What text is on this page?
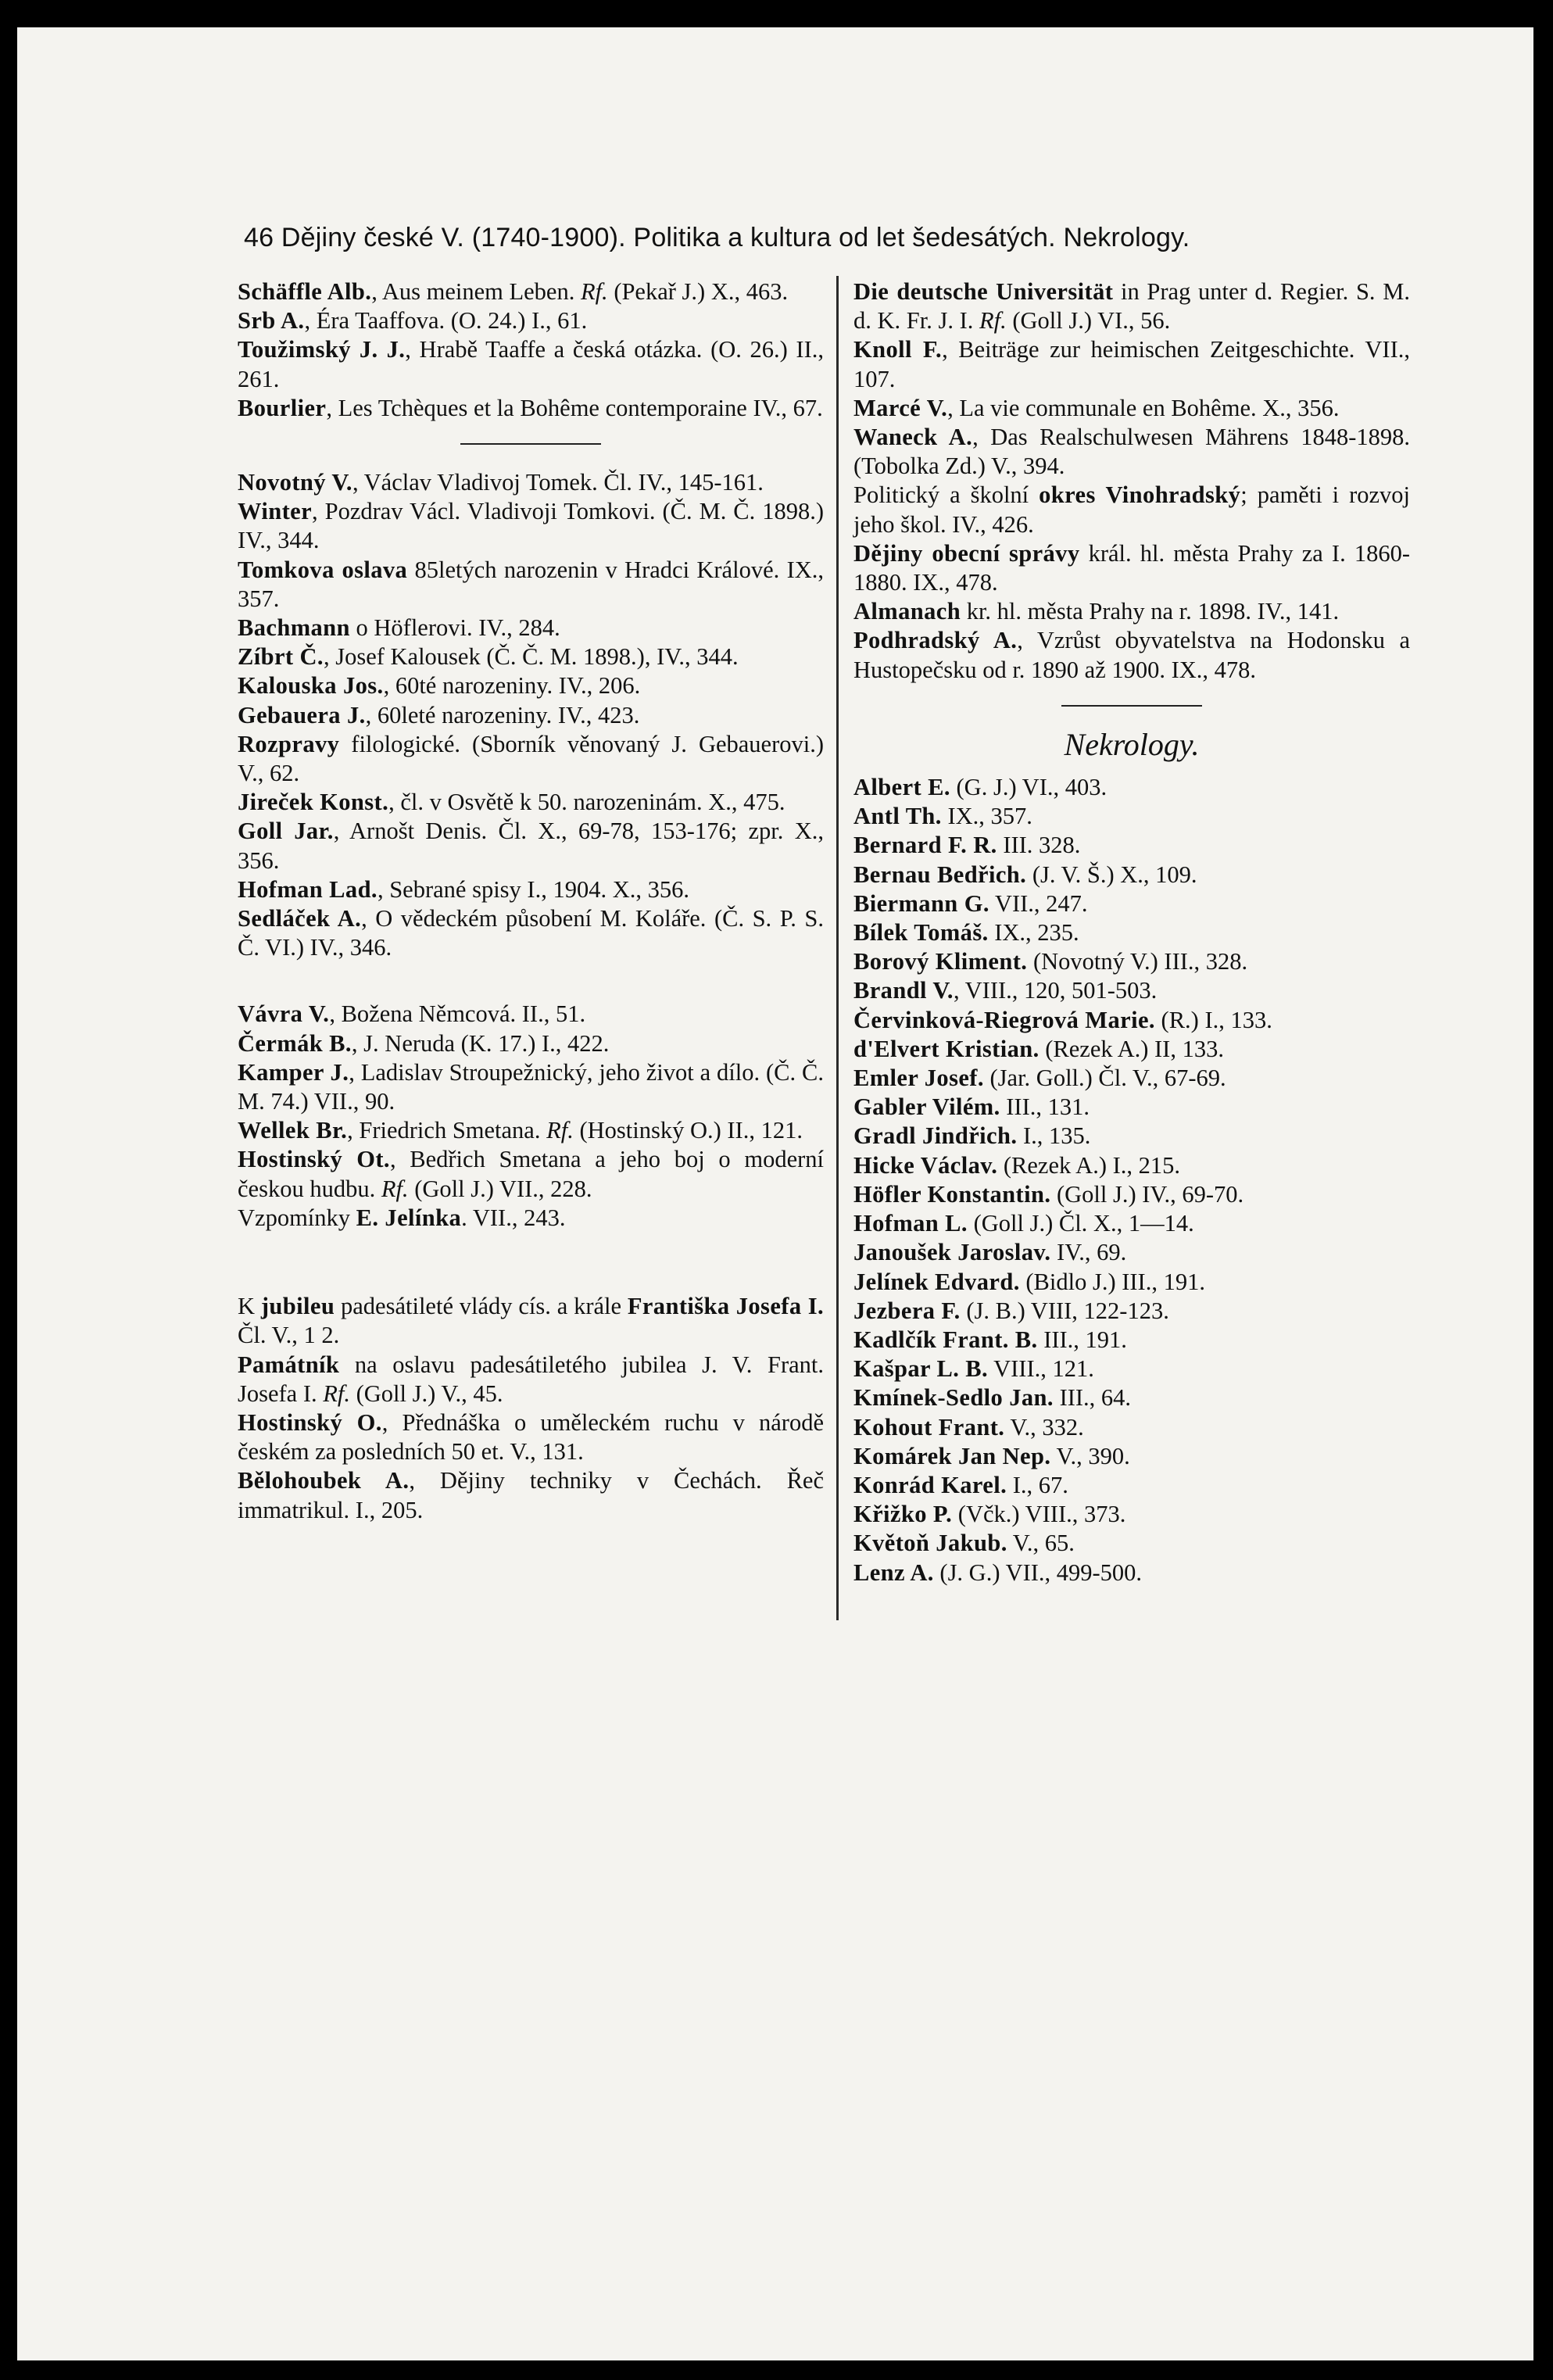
46 Dějiny české V. (1740-1900). Politika a kultura od let šedesátých. Nekrology.
Schäffle Alb., Aus meinem Leben. Rf. (Pekař J.) X., 463.
Srb A., Éra Taaffova. (O. 24.) I., 61.
Toužimský J. J., Hrabě Taaffe a česká otázka. (O. 26.) II., 261.
Bourlier, Les Tchèques et la Bohême contemporaine IV., 67.
Novotný V., Václav Vladivoj Tomek. Čl. IV., 145-161.
Winter, Pozdrav Václ. Vladivoji Tomkovi. (Č. M. Č. 1898.) IV., 344.
Tomkova oslava 85letých narozenin v Hradci Králové. IX., 357.
Bachmann o Höflerovi. IV., 284.
Zíbrt Č., Josef Kalousek (Č. Č. M. 1898.), IV., 344.
Kalouska Jos., 60té narozeniny. IV., 206.
Gebauera J., 60leté narozeniny. IV., 423.
Rozpravy filologické. (Sborník věnovaný J. Gebauerovi.) V., 62.
Jireček Konst., čl. v Osvětě k 50. narozeninám. X., 475.
Goll Jar., Arnošt Denis. Čl. X., 69-78, 153-176; zpr. X., 356.
Hofman Lad., Sebrané spisy I., 1904. X., 356.
Sedláček A., O vědeckém působení M. Koláře. (Č. S. P. S. Č. VI.) IV., 346.
Vávra V., Božena Němcová. II., 51.
Čermák B., J. Neruda (K. 17.) I., 422.
Kamper J., Ladislav Stroupežnický, jeho život a dílo. (Č. Č. M. 74.) VII., 90.
Wellek Br., Friedrich Smetana. Rf. (Hostinský O.) II., 121.
Hostinský Ot., Bedřich Smetana a jeho boj o moderní českou hudbu. Rf. (Goll J.) VII., 228.
Vzpomínky E. Jelínka. VII., 243.
K jubileu padesátileté vlády cís. a krále Františka Josefa I. Čl. V., 1 2.
Památník na oslavu padesátiletého jubilea J. V. Frant. Josefa I. Rf. (Goll J.) V., 45.
Hostinský O., Přednáška o uměleckém ruchu v národě českém za posledních 50 et. V., 131.
Bělohoubek A., Dějiny techniky v Čechách. Řeč immatrikul. I., 205.
Die deutsche Universität in Prag unter d. Regier. S. M. d. K. Fr. J. I. Rf. (Goll J.) VI., 56.
Knoll F., Beiträge zur heimischen Zeitgeschichte. VII., 107.
Marcé V., La vie communale en Bohême. X., 356.
Waneck A., Das Realschulwesen Mährens 1848-1898. (Tobolka Zd.) V., 394.
Politický a školní okres Vinohradský; paměti i rozvoj jeho škol. IV., 426.
Dějiny obecní správy král. hl. města Prahy za I. 1860-1880. IX., 478.
Almanach kr. hl. města Prahy na r. 1898. IV., 141.
Podhradský A., Vzrůst obyvatelstva na Hodonsku a Hustopečsku od r. 1890 až 1900. IX., 478.
Nekrology.
Albert E. (G. J.) VI., 403.
Antl Th. IX., 357.
Bernard F. R. III. 328.
Bernau Bedřich. (J. V. Š.) X., 109.
Biermann G. VII., 247.
Bílek Tomáš. IX., 235.
Borový Kliment. (Novotný V.) III., 328.
Brandl V., VIII., 120, 501-503.
Červinková-Riegrová Marie. (R.) I., 133.
d'Elvert Kristian. (Rezek A.) II, 133.
Emler Josef. (Jar. Goll.) Čl. V., 67-69.
Gabler Vilém. III., 131.
Gradl Jindřich. I., 135.
Hicke Václav. (Rezek A.) I., 215.
Höfler Konstantin. (Goll J.) IV., 69-70.
Hofman L. (Goll J.) Čl. X., 1—14.
Janoušek Jaroslav. IV., 69.
Jelínek Edvard. (Bidlo J.) III., 191.
Jezbera F. (J. B.) VIII, 122-123.
Kadlčík Frant. B. III., 191.
Kašpar L. B. VIII., 121.
Kmínek-Sedlo Jan. III., 64.
Kohout Frant. V., 332.
Komárek Jan Nep. V., 390.
Konrád Karel. I., 67.
Křižko P. (Včk.) VIII., 373.
Květoň Jakub. V., 65.
Lenz A. (J. G.) VII., 499-500.
